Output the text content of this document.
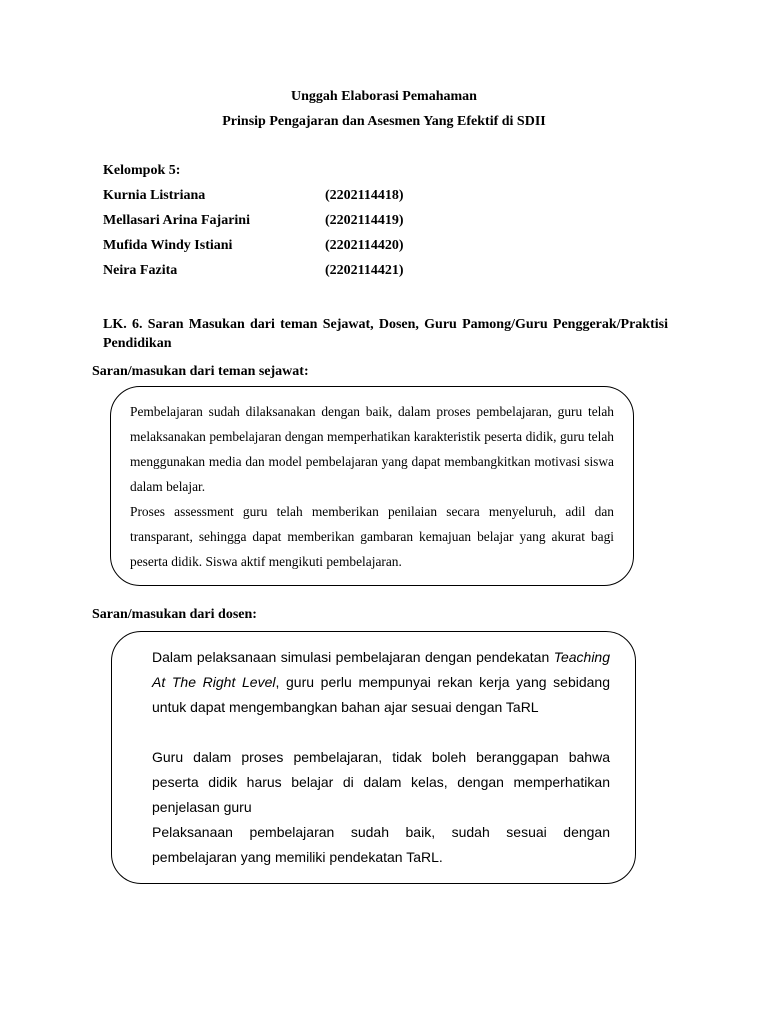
Unggah Elaborasi Pemahaman
Prinsip Pengajaran dan Asesmen Yang Efektif di SDII
Kelompok 5:
Kurnia Listriana	(2202114418)
Mellasari Arina Fajarini	(2202114419)
Mufida Windy Istiani	(2202114420)
Neira Fazita	(2202114421)
LK. 6. Saran Masukan dari teman Sejawat, Dosen, Guru Pamong/Guru Penggerak/Praktisi Pendidikan
Saran/masukan dari teman sejawat:
Pembelajaran sudah dilaksanakan dengan baik, dalam proses pembelajaran, guru telah melaksanakan pembelajaran dengan memperhatikan karakteristik peserta didik, guru telah menggunakan media dan model pembelajaran yang dapat membangkitkan motivasi siswa dalam belajar.
Proses assessment guru telah memberikan penilaian secara menyeluruh, adil dan transparant, sehingga dapat memberikan gambaran kemajuan belajar yang akurat bagi peserta didik. Siswa aktif mengikuti pembelajaran.
Saran/masukan dari dosen:
Dalam pelaksanaan simulasi pembelajaran dengan pendekatan Teaching At The Right Level, guru perlu mempunyai rekan kerja yang sebidang untuk dapat mengembangkan bahan ajar sesuai dengan TaRL
Guru dalam proses pembelajaran, tidak boleh beranggapan bahwa peserta didik harus belajar di dalam kelas, dengan memperhatikan penjelasan guru
Pelaksanaan pembelajaran sudah baik, sudah sesuai dengan pembelajaran yang memiliki pendekatan TaRL.
